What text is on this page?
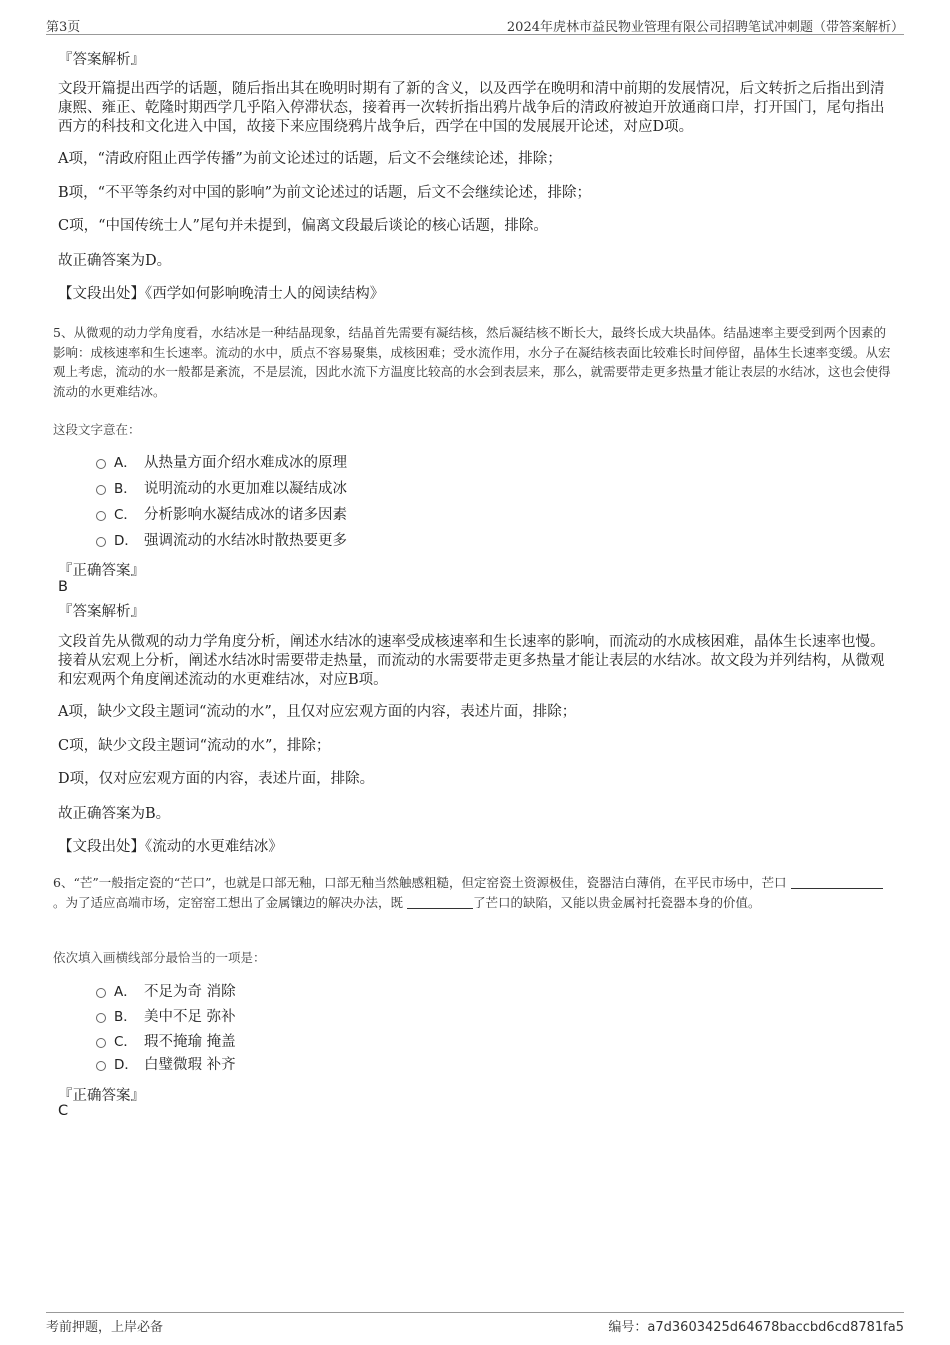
第3页	2024年虎林市益民物业管理有限公司招聘笔试冲刺题（带答案解析）
『答案解析』
文段开篇提出西学的话题，随后指出其在晚明时期有了新的含义，以及西学在晚明和清中前期的发展情况，后文转折之后指出到清康熙、雍正、乾隆时期西学几乎陷入停滞状态，接着再一次转折指出鸦片战争后的清政府被迫开放通商口岸，打开国门，尾句指出西方的科技和文化进入中国，故接下来应围绕鸦片战争后，西学在中国的发展展开论述，对应D项。
A项，“清政府阻止西学传播”为前文论述过的话题，后文不会继续论述，排除；
B项，“不平等条约对中国的影响”为前文论述过的话题，后文不会继续论述，排除；
C项，“中国传统士人”尾句并未提到，偏离文段最后谈论的核心话题，排除。
故正确答案为D。
【文段出处】《西学如何影响晚清士人的阅读结构》
5、从微观的动力学角度看，水结冰是一种结晶现象，结晶首先需要有凝结核，然后凝结核不断长大，最终长成大块晶体。结晶速率主要受到两个因素的影响：成核速率和生长速率。流动的水中，质点不容易聚集，成核困难；受水流作用，水分子在凝结核表面比较难长时间停留，晶体生长速率变缓。从宏观上考虑，流动的水一般都是紊流，不是层流，因此水流下方温度比较高的水会到表层来，那么，就需要带走更多热量才能让表层的水结冰，这也会使得流动的水更难结冰。
这段文字意在：
A． 从热量方面介绍水难成冰的原理
B． 说明流动的水更加难以凝结成冰
C． 分析影响水凝结成冰的诸多因素
D． 强调流动的水结冰时散热要更多
『正确答案』
B
『答案解析』
文段首先从微观的动力学角度分析，阐述水结冰的速率受成核速率和生长速率的影响，而流动的水成核困难，晶体生长速率也慢。接着从宏观上分析，阐述水结冰时需要带走热量，而流动的水需要带走更多热量才能让表层的水结冰。故文段为并列结构，从微观和宏观两个角度阐述流动的水更难结冰，对应B项。
A项，缺少文段主题词“流动的水”，且仅对应宏观方面的内容，表述片面，排除；
C项，缺少文段主题词“流动的水”，排除；
D项，仅对应宏观方面的内容，表述片面，排除。
故正确答案为B。
【文段出处】《流动的水更难结冰》
6、“芒”一般指定瓷的“芒口”，也就是口部无釉，口部无釉当然触感粗糙，但定窑瓷土资源极佳，瓷器洁白薄俏，在平民市场中，芒口 。为了适应高端市场，定窑窑工想出了金属镶边的解决办法，既	了芒口的缺陷，又能以贵金属衬托瓷器本身的价值。
依次填入画横线部分最恰当的一项是：
A． 不足为奇 消除
B． 美中不足 弥补
C． 瑕不掩瑜 掩盖
D． 白璧微瑕 补齐
『正确答案』
C
考前押题，上岸必备	编号：a7d3603425d64678baccbd6cd8781fa5
